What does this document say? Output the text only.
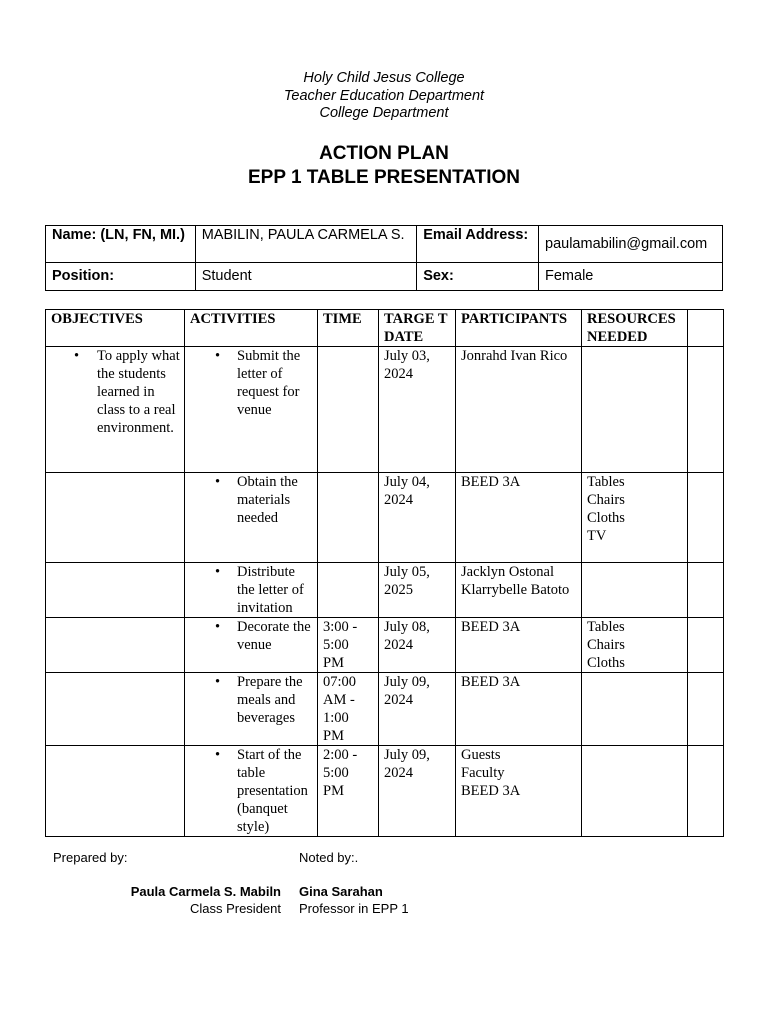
Holy Child Jesus College
Teacher Education Department
College Department
ACTION PLAN
EPP 1 TABLE PRESENTATION
Name: (LN, FN, MI.)	MABILIN, PAULA CARMELA S.	Email Address:	paulamabilin@gmail.com
Position:	Student	Sex:	Female
OBJECTIVES	ACTIVITIES	TIME	TARGE T DATE	PARTICIPANTS	RESOURCES NEEDED	

• To apply what the students learned in class to a real environment.	• Submit the letter of request for venue		July 03, 2024	Jonrahd Ivan Rico		

	• Obtain the materials needed		July 04, 2024	BEED 3A	Tables Chairs Cloths TV	

	• Distribute the letter of invitation		July 05, 2025	Jacklyn Ostonal Klarrybelle Batoto		

	• Decorate the venue	3:00 - 5:00 PM	July 08, 2024	BEED 3A	Tables Chairs Cloths	

	• Prepare the meals and beverages	07:00 AM - 1:00 PM	July 09, 2024	BEED 3A		

	• Start of the table presentation (banquet style)	2:00 - 5:00 PM	July 09, 2024	Guests Faculty BEED 3A		
Prepared by:	Noted by:.
Paula Carmela S. Mabiln
Class President
Gina Sarahan
Professor in EPP 1
